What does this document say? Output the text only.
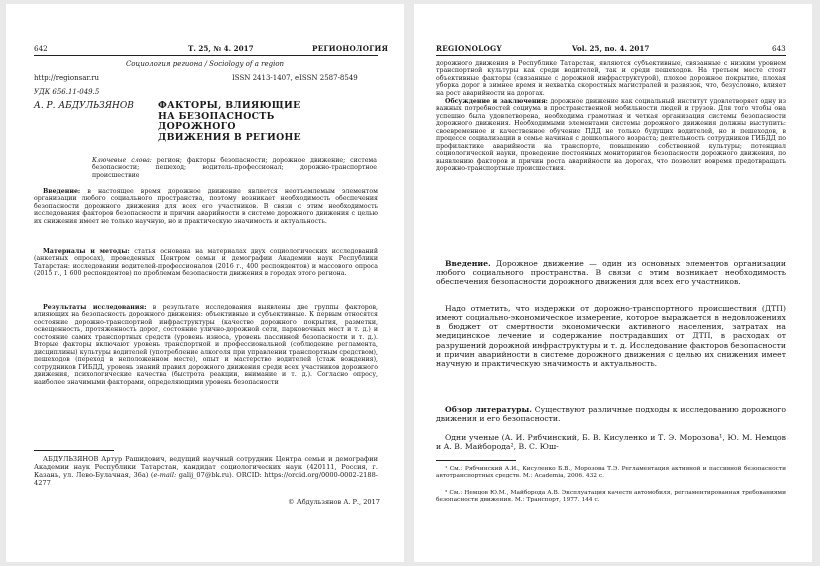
642	Т. 25, № 4. 2017	РЕГИОНОЛОГИЯ
Социология региона / Sociology of a region
http://regionsar.ru	ISSN 2413-1407, eISSN 2587-8549
УДК 656.11-049.5
А. Р. АБДУЛЬЗЯНОВ	ФАКТОРЫ, ВЛИЯЮЩИЕ НА БЕЗОПАСНОСТЬ ДОРОЖНОГО ДВИЖЕНИЯ В РЕГИОНЕ

Ключевые слова: регион; факторы безопасности; дорожное движение; система безопасности; пешеход; водитель-профессионал; дорожно-транспортное происшествие

Введение: в настоящее время дорожное движение является неотъемлемым элементом организации любого социального пространства, поэтому возникает необходимость обеспечения безопасности дорожного движения для всех его участников. В связи с этим необходимость исследования факторов безопасности и причин аварийности в системе дорожного движения с целью их снижения имеет не только научную, но и практическую значимость и актуальность.

Материалы и методы: статья основана на материалах двух социологических исследований (анкетных опросах), проведенных Центром семьи и демографии Академии наук Республики Татарстан: исследовании водителей-профессионалов (2016 г., 400 респондентов) и массового опроса (2015 г., 1 600 респондентов) по проблемам безопасности движения в городах этого региона.

Результаты исследования: в результате исследования выявлены две группы факторов, влияющих на безопасность дорожного движения: объективные и субъективные. К первым относятся состояние дорожно-транспортной инфраструктуры (качество дорожного покрытия, разметки, освещенность, протяженность дорог, состояние улично-дорожной сети, парковочных мест и т. д.) и состояние самих транспортных средств (уровень износа, уровень пассивной безопасности и т. д.). Вторые факторы включают уровень транспортной и профессиональной (соблюдение регламента, дисциплины) культуры водителей (употребление алкоголя при управлении транспортным средством), пешеходов (переход в неположенном месте), опыт и мастерство водителей (стаж вождения), сотрудников ГИБДД, уровень знаний правил дорожного движения среди всех участников дорожного движения, психологические качества (быстрота реакции, внимание и т. д.). Согласно опросу, наиболее значимыми факторами, определяющими уровень безопасности

АБДУЛЬЗЯНОВ Артур Рашидович, ведущий научный сотрудник Центра семьи и демографии Академии наук Республики Татарстан, кандидат социологических наук (420111, Россия, г. Казань, ул. Лево-Булачная, 36а) (e-mail: galij_07@bk.ru). ORCID: https://orcid.org/0000-0002-2188-4277

© Абдульзянов А. Р., 2017
REGIONOLOGY	Vol. 25, no. 4. 2017	643

дорожного движения в Республике Татарстан, являются субъективные, связанные с низким уровнем транспортной культуры как среди водителей, так и среди пешеходов. На третьем месте стоят объективные факторы (связанные с дорожной инфраструктурой), плохое дорожное покрытие, плохая уборка дорог в зимнее время и нехватка скоростных магистралей и развязок, что, безусловно, влияет на рост аварийности на дорогах.

Обсуждение и заключения: дорожное движение как социальный институт удовлетворяет одну из важных потребностей социума в пространственной мобильности людей и грузов. Для того чтобы она успешно была удовлетворена, необходима грамотная и четкая организация системы безопасности дорожного движения. Необходимыми элементами системы дорожного движения должны выступить: своевременное и качественное обучение ПДД не только будущих водителей, но и пешеходов, в процессе социализации в семье начиная с дошкольного возраста; деятельность сотрудников ГИБДД по профилактике аварийности на транспорте, повышению собственной культуры; потенциал социологической науки, проведение постоянных мониторингов безопасности дорожного движения, по выявлению факторов и причин роста аварийности на дорогах, что позволит вовремя предотвращать дорожно-транспортные происшествия.

Введение. Дорожное движение — один из основных элементов организации любого социального пространства. В связи с этим возникает необходимость обеспечения безопасности дорожного движения для всех его участников.

Надо отметить, что издержки от дорожно-транспортного происшествия (ДТП) имеют социально-экономическое измерение, которое выражается в недовложениях в бюджет от смертности экономически активного населения, затратах на медицинское лечение и содержание пострадавших от ДТП, в расходах от разрушений дорожной инфраструктуры и т. д. Исследование факторов безопасности и причин аварийности в системе дорожного движения с целью их снижения имеет научную и практическую значимость и актуальность.

Обзор литературы. Существуют различные подходы к исследованию дорожного движения и его безопасности.

Одни ученые (А. И. Рябчинский, Б. В. Кисуленко и Т. Э. Морозова¹, Ю. М. Немцов и А. В. Майборода², В. С. Юш-

¹ См.: Рябчинский А.И., Кисуленко Б.В., Морозова Т.Э. Регламентация активной и пассивной безопасности автотранспортных средств. М.: Academia, 2006. 432 с.

² См.: Немцов Ю.М., Майборода А.В. Эксплуатация качеств автомобиля, регламентированная требованиями безопасности движения. М.: Транспорт, 1977. 144 с.
